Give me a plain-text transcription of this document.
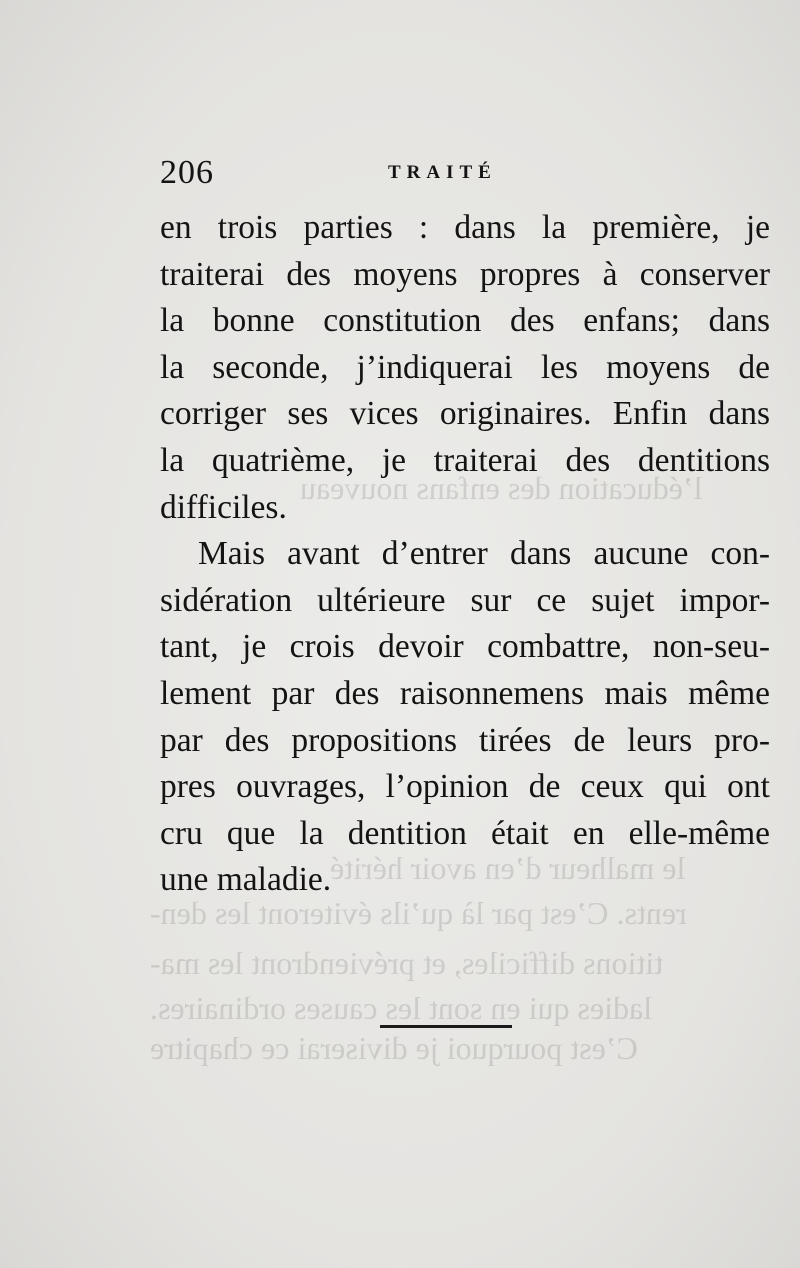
l’éducation des enfans nouveau
le malheur d’en avoir hérité
rents. C’est par là qu’ils éviteront les den-
titions difficiles, et préviendront les ma-
ladies qui en sont les causes ordinaires.
C’est pourquoi je diviserai ce chapitre
206	TRAITÉ
en trois parties : dans la première, je
traiterai des moyens propres à conserver
la bonne constitution des enfans; dans
la seconde, j’indiquerai les moyens de
corriger ses vices originaires. Enfin dans
la quatrième, je traiterai des dentitions
difficiles.
Mais avant d’entrer dans aucune con-
sidération ultérieure sur ce sujet impor-
tant, je crois devoir combattre, non-seu-
lement par des raisonnemens mais même
par des propositions tirées de leurs pro-
pres ouvrages, l’opinion de ceux qui ont
cru que la dentition était en elle-même
une maladie.
